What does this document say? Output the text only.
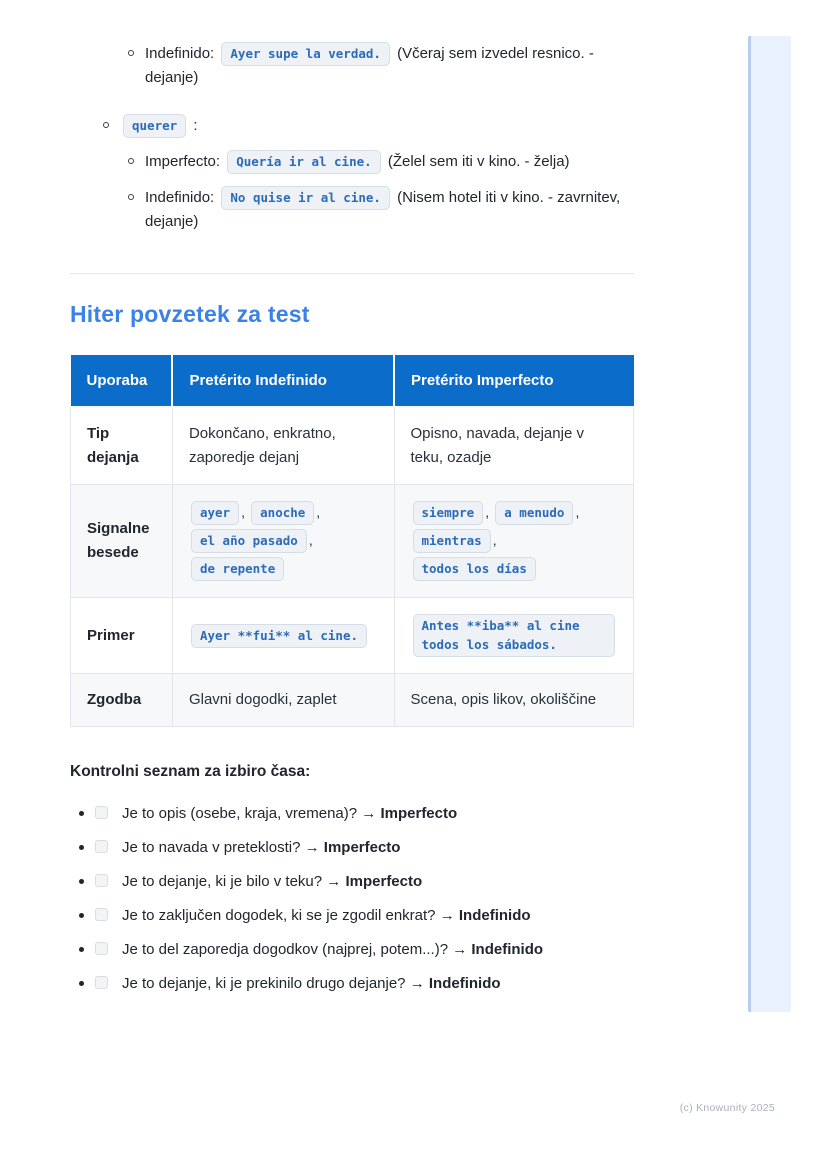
Indefinido: Ayer supe la verdad. (Včeraj sem izvedel resnico. - dejanje)
querer :
Imperfecto: Quería ir al cine. (Želel sem iti v kino. - želja)
Indefinido: No quise ir al cine. (Nisem hotel iti v kino. - zavrnitev, dejanje)
Hiter povzetek za test
Uporaba	Pretérito Indefinido	Pretérito Imperfecto
Tip dejanja	Dokončano, enkratno, zaporedje dejanj	Opisno, navada, dejanje v teku, ozadje
Signalne besede	ayer , anoche , el año pasado , de repente	siempre , a menudo , mientras , todos los días
Primer	Ayer **fui** al cine.	Antes **iba** al cine todos los sábados.
Zgodba	Glavni dogodki, zaplet	Scena, opis likov, okoliščine

Kontrolni seznam za izbiro časa:

Je to opis (osebe, kraja, vremena)? → Imperfecto
Je to navada v preteklosti? → Imperfecto
Je to dejanje, ki je bilo v teku? → Imperfecto
Je to zaključen dogodek, ki se je zgodil enkrat? → Indefinido
Je to del zaporedja dogodkov (najprej, potem...)? → Indefinido
Je to dejanje, ki je prekinilo drugo dejanje? → Indefinido
(c) Knowunity 2025
